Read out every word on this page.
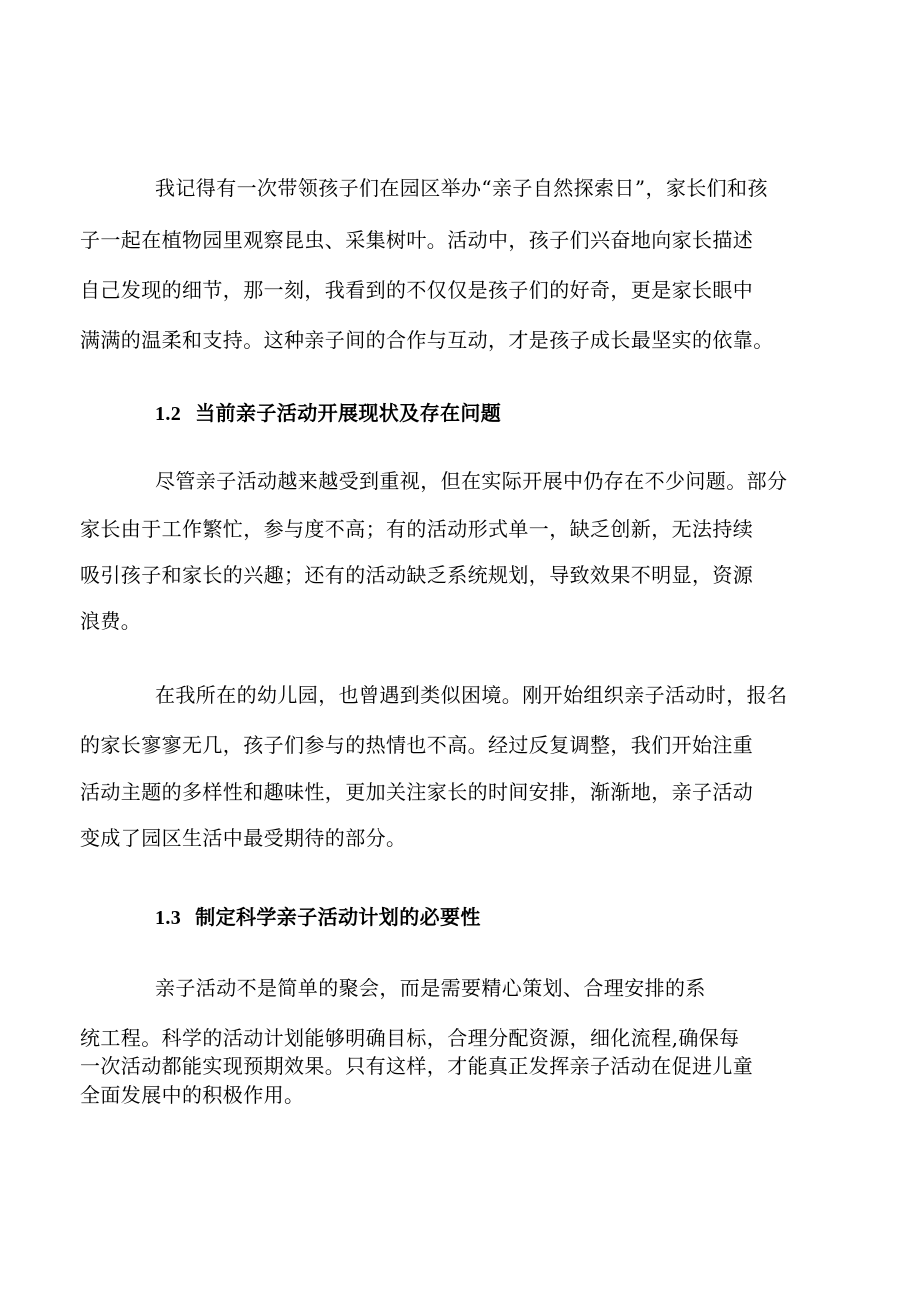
我记得有一次带领孩子们在园区举办“亲子自然探索日”，家长们和孩
子一起在植物园里观察昆虫、采集树叶。活动中，孩子们兴奋地向家长描述
自己发现的细节，那一刻，我看到的不仅仅是孩子们的好奇，更是家长眼中
满满的温柔和支持。这种亲子间的合作与互动，才是孩子成长最坚实的依靠。
1.2 当前亲子活动开展现状及存在问题
尽管亲子活动越来越受到重视，但在实际开展中仍存在不少问题。部分
家长由于工作繁忙，参与度不高；有的活动形式单一，缺乏创新，无法持续
吸引孩子和家长的兴趣；还有的活动缺乏系统规划，导致效果不明显，资源
浪费。
在我所在的幼儿园，也曾遇到类似困境。刚开始组织亲子活动时，报名
的家长寥寥无几，孩子们参与的热情也不高。经过反复调整，我们开始注重
活动主题的多样性和趣味性，更加关注家长的时间安排，渐渐地，亲子活动
变成了园区生活中最受期待的部分。
1.3 制定科学亲子活动计划的必要性
亲子活动不是简单的聚会，而是需要精心策划、合理安排的系
统工程。科学的活动计划能够明确目标，合理分配资源，细化流程,确保每
一次活动都能实现预期效果。只有这样，才能真正发挥亲子活动在促进儿童
全面发展中的积极作用。
